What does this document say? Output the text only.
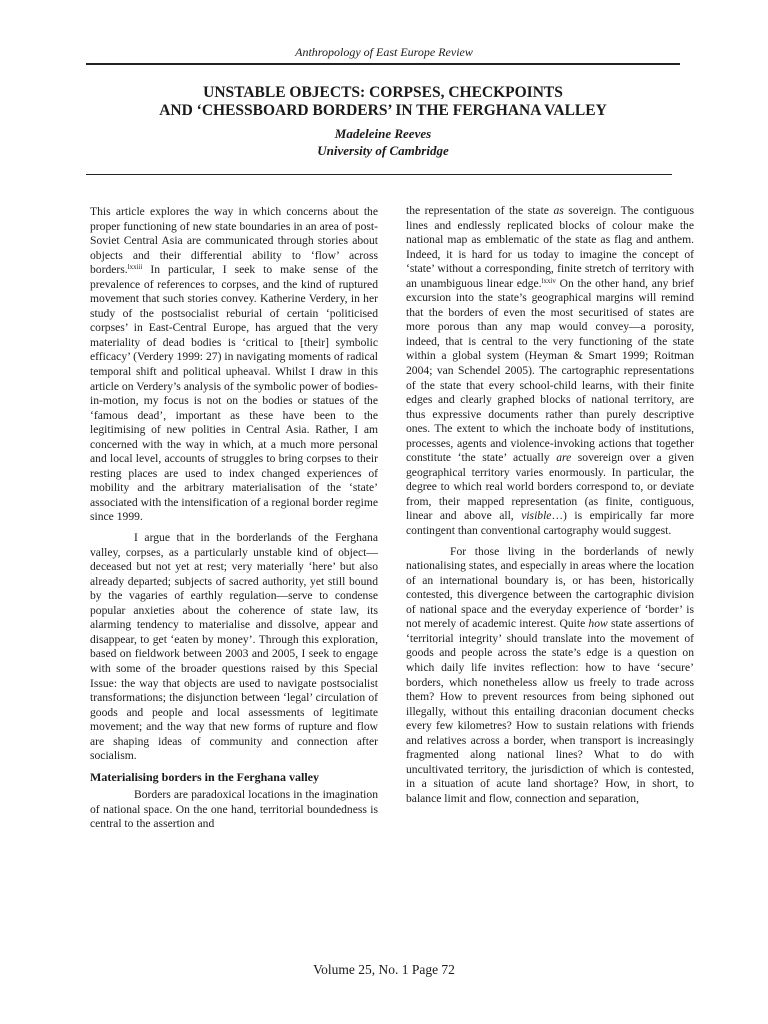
Anthropology of East Europe Review
UNSTABLE OBJECTS: CORPSES, CHECKPOINTS
AND ‘CHESSBOARD BORDERS’ IN THE FERGHANA VALLEY
Madeleine Reeves
University of Cambridge

This article explores the way in which concerns about the proper functioning of new state boundaries in an area of post-Soviet Central Asia are communicated through stories about objects and their differential ability to ‘flow’ across borders.$^{lxxiii}$ In particular, I seek to make sense of the prevalence of references to corpses, and the kind of ruptured movement that such stories convey. Katherine Verdery, in her study of the postsocialist reburial of certain ‘politicised corpses’ in East-Central Europe, has argued that the very materiality of dead bodies is ‘critical to [their] symbolic efficacy’ (Verdery 1999: 27) in navigating moments of radical temporal shift and political upheaval. Whilst I draw in this article on Verdery’s analysis of the symbolic power of bodies-in-motion, my focus is not on the bodies or statues of the ‘famous dead’, important as these have been to the legitimising of new polities in Central Asia. Rather, I am concerned with the way in which, at a much more personal and local level, accounts of struggles to bring corpses to their resting places are used to index changed experiences of mobility and the arbitrary materialisation of the ‘state’ associated with the intensification of a regional border regime since 1999.

I argue that in the borderlands of the Ferghana valley, corpses, as a particularly unstable kind of object—deceased but not yet at rest; very materially ‘here’ but also already departed; subjects of sacred authority, yet still bound by the vagaries of earthly regulation—serve to condense popular anxieties about the coherence of state law, its alarming tendency to materialise and dissolve, appear and disappear, to get ‘eaten by money’. Through this exploration, based on fieldwork between 2003 and 2005, I seek to engage with some of the broader questions raised by this Special Issue: the way that objects are used to navigate postsocialist transformations; the disjunction between ‘legal’ circulation of goods and people and local assessments of legitimate movement; and the way that new forms of rupture and flow are shaping ideas of community and connection after socialism.

Materialising borders in the Ferghana valley

Borders are paradoxical locations in the imagination of national space. On the one hand, territorial boundedness is central to the assertion and

the representation of the state as sovereign. The contiguous lines and endlessly replicated blocks of colour make the national map as emblematic of the state as flag and anthem. Indeed, it is hard for us today to imagine the concept of ‘state’ without a corresponding, finite stretch of territory with an unambiguous linear edge.$^{lxxiv}$ On the other hand, any brief excursion into the state’s geographical margins will remind that the borders of even the most securitised of states are more porous than any map would convey—a porosity, indeed, that is central to the very functioning of the state within a global system (Heyman & Smart 1999; Roitman 2004; van Schendel 2005). The cartographic representations of the state that every school-child learns, with their finite edges and clearly graphed blocks of national territory, are thus expressive documents rather than purely descriptive ones. The extent to which the inchoate body of institutions, processes, agents and violence-invoking actions that together constitute ‘the state’ actually are sovereign over a given geographical territory varies enormously. In particular, the degree to which real world borders correspond to, or deviate from, their mapped representation (as finite, contiguous, linear and above all, visible…) is empirically far more contingent than conventional cartography would suggest.

For those living in the borderlands of newly nationalising states, and especially in areas where the location of an international boundary is, or has been, historically contested, this divergence between the cartographic division of national space and the everyday experience of ‘border’ is not merely of academic interest. Quite how state assertions of ‘territorial integrity’ should translate into the movement of goods and people across the state’s edge is a question on which daily life invites reflection: how to have ‘secure’ borders, which nonetheless allow us freely to trade across them? How to prevent resources from being siphoned out illegally, without this entailing draconian document checks every few kilometres? How to sustain relations with friends and relatives across a border, when transport is increasingly fragmented along national lines? What to do with uncultivated territory, the jurisdiction of which is contested, in a situation of acute land shortage? How, in short, to balance limit and flow, connection and separation,

Volume 25, No. 1 Page 72
